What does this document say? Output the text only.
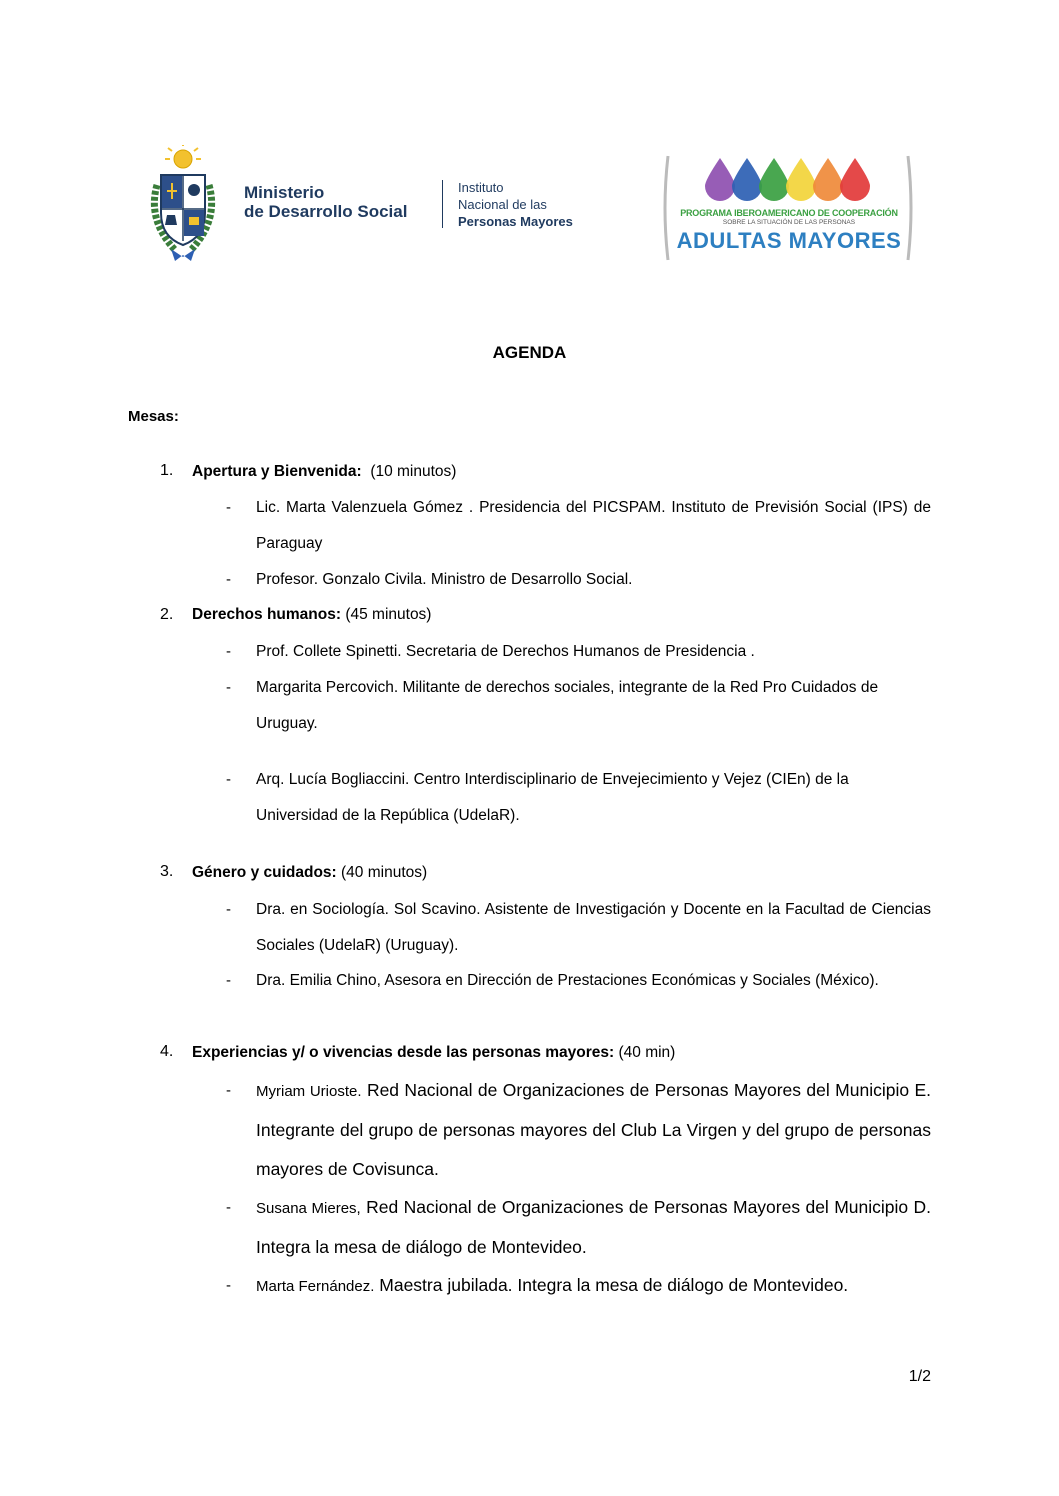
Ministerio
de Desarrollo Social
Instituto
Nacional de las
Personas Mayores
PROGRAMA IBEROAMERICANO DE COOPERACIÓN
SOBRE LA SITUACIÓN DE LAS PERSONAS
ADULTAS MAYORES
AGENDA
Mesas:
1. Apertura y Bienvenida: (10 minutos)
- Lic. Marta Valenzuela Gómez . Presidencia del PICSPAM. Instituto de Previsión Social (IPS) de Paraguay
- Profesor. Gonzalo Civila. Ministro de Desarrollo Social.
2. Derechos humanos: (45 minutos)
- Prof. Collete Spinetti. Secretaria de Derechos Humanos de Presidencia .
- Margarita Percovich. Militante de derechos sociales, integrante de la Red Pro Cuidados de Uruguay.
- Arq. Lucía Bogliaccini. Centro Interdisciplinario de Envejecimiento y Vejez (CIEn) de la Universidad de la República (UdelaR).
3. Género y cuidados: (40 minutos)
- Dra. en Sociología. Sol Scavino. Asistente de Investigación y Docente en la Facultad de Ciencias Sociales (UdelaR) (Uruguay).
- Dra. Emilia Chino, Asesora en Dirección de Prestaciones Económicas y Sociales (México).
4. Experiencias y/ o vivencias desde las personas mayores: (40 min)
- Myriam Urioste. Red Nacional de Organizaciones de Personas Mayores del Municipio E. Integrante del grupo de personas mayores del Club La Virgen y del grupo de personas mayores de Covisunca.
- Susana Mieres, Red Nacional de Organizaciones de Personas Mayores del Municipio D. Integra la mesa de diálogo de Montevideo.
- Marta Fernández. Maestra jubilada. Integra la mesa de diálogo de Montevideo.
1/2
